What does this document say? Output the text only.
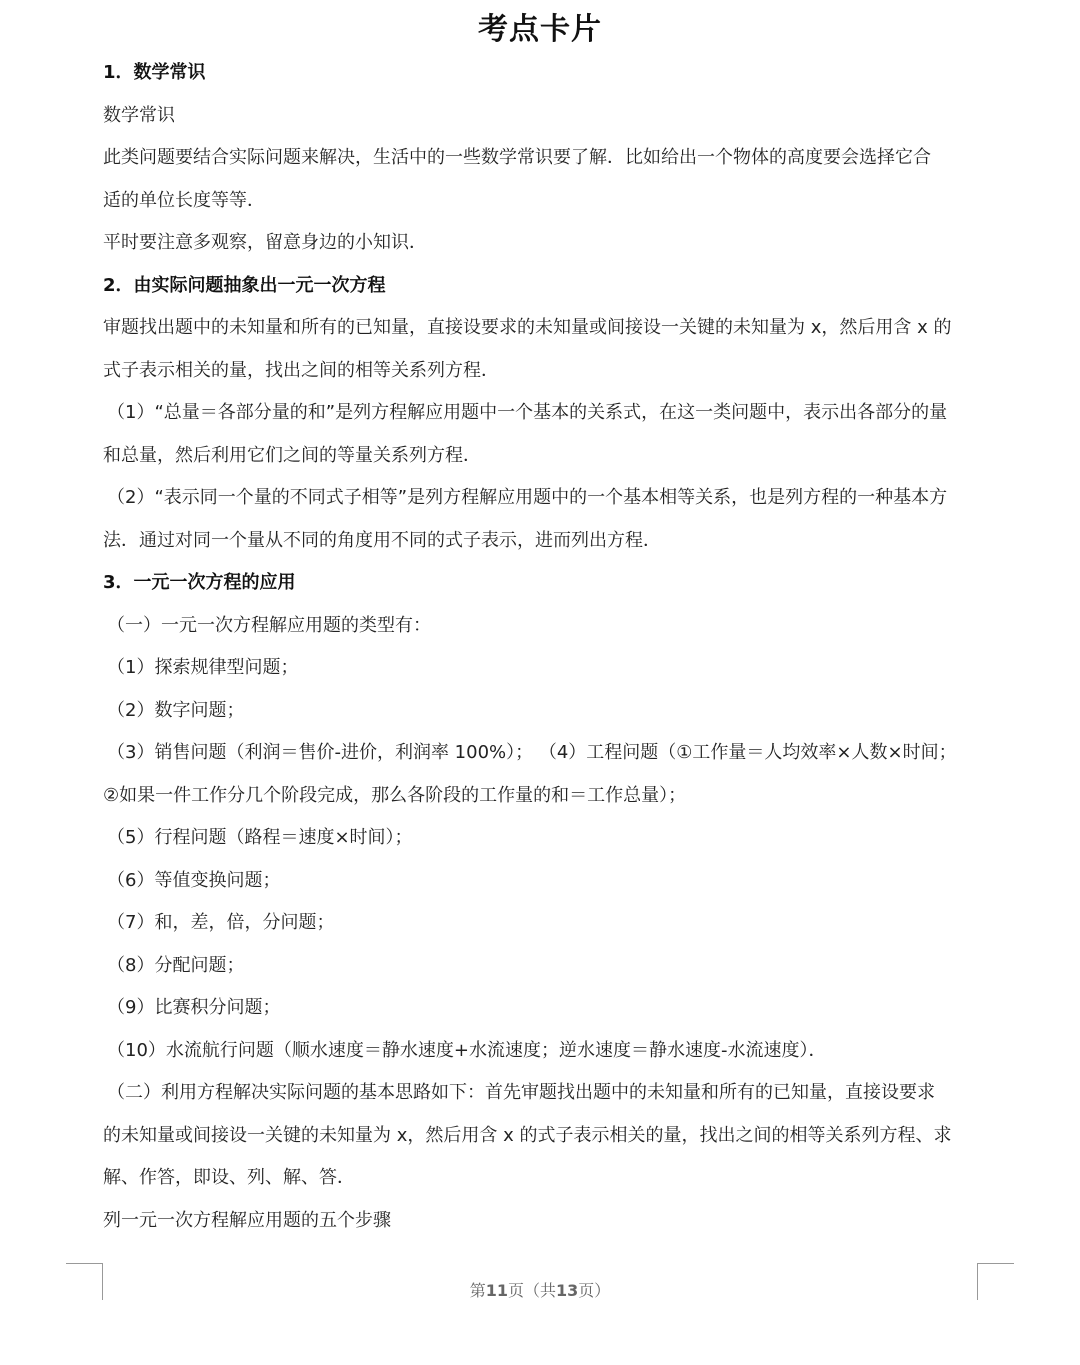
考点卡片
1．数学常识
数学常识
此类问题要结合实际问题来解决，生活中的一些数学常识要了解．比如给出一个物体的高度要会选择它合
适的单位长度等等．
平时要注意多观察，留意身边的小知识．
2．由实际问题抽象出一元一次方程
审题找出题中的未知量和所有的已知量，直接设要求的未知量或间接设一关键的未知量为 x，然后用含 x 的
式子表示相关的量，找出之间的相等关系列方程．
（1）“总量＝各部分量的和”是列方程解应用题中一个基本的关系式，在这一类问题中，表示出各部分的量
和总量，然后利用它们之间的等量关系列方程．
（2）“表示同一个量的不同式子相等”是列方程解应用题中的一个基本相等关系，也是列方程的一种基本方
法．通过对同一个量从不同的角度用不同的式子表示，进而列出方程．
3．一元一次方程的应用
（一）一元一次方程解应用题的类型有：
（1）探索规律型问题；
（2）数字问题；
（3）销售问题（利润＝售价-进价，利润率 100%）； （4）工程问题（①工作量＝人均效率×人数×时间；
②如果一件工作分几个阶段完成，那么各阶段的工作量的和＝工作总量）；
（5）行程问题（路程＝速度×时间）；
（6）等值变换问题；
（7）和，差，倍，分问题；
（8）分配问题；
（9）比赛积分问题；
（10）水流航行问题（顺水速度＝静水速度+水流速度；逆水速度＝静水速度-水流速度）．
（二）利用方程解决实际问题的基本思路如下：首先审题找出题中的未知量和所有的已知量，直接设要求
的未知量或间接设一关键的未知量为 x，然后用含 x 的式子表示相关的量，找出之间的相等关系列方程、求
解、作答，即设、列、解、答．
列一元一次方程解应用题的五个步骤
第11页（共13页）
